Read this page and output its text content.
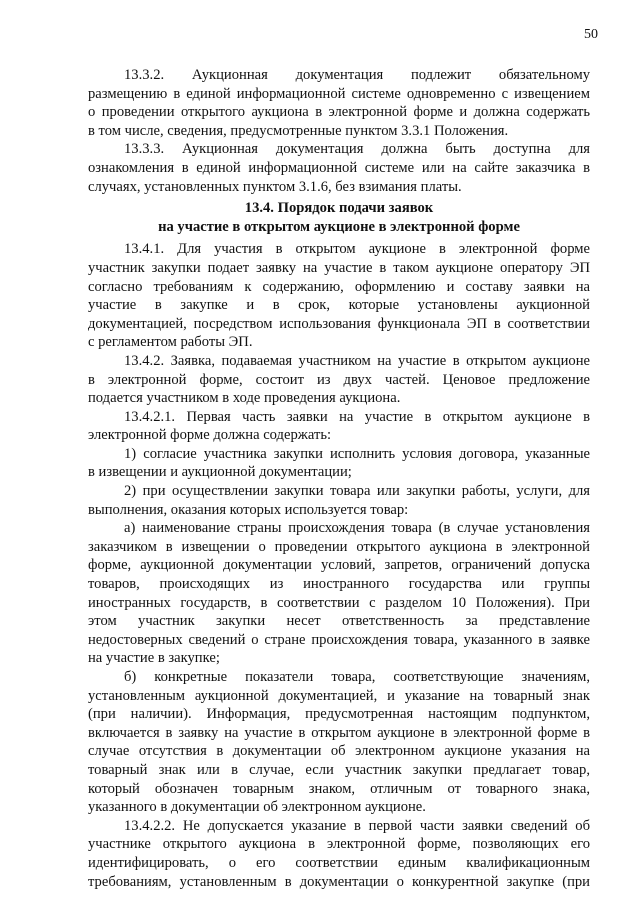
50
13.3.2. Аукционная документация подлежит обязательному
размещению в единой информационной системе одновременно с извещением
о проведении открытого аукциона в электронной форме и должна содержать
в том числе, сведения, предусмотренные пунктом 3.3.1 Положения.
13.3.3. Аукционная документация должна быть доступна для
ознакомления в единой информационной системе или на сайте заказчика в
случаях, установленных пунктом 3.1.6, без взимания платы.
13.4. Порядок подачи заявок
на участие в открытом аукционе в электронной форме
13.4.1. Для участия в открытом аукционе в электронной форме
участник закупки подает заявку на участие в таком аукционе оператору ЭП
согласно требованиям к содержанию, оформлению и составу заявки на
участие в закупке и в срок, которые установлены аукционной
документацией, посредством использования функционала ЭП в соответствии
с регламентом работы ЭП.
13.4.2. Заявка, подаваемая участником на участие в открытом аукционе
в электронной форме, состоит из двух частей. Ценовое предложение
подается участником в ходе проведения аукциона.
13.4.2.1. Первая часть заявки на участие в открытом аукционе в
электронной форме должна содержать:
1) согласие участника закупки исполнить условия договора, указанные
в извещении и аукционной документации;
2) при осуществлении закупки товара или закупки работы, услуги, для
выполнения, оказания которых используется товар:
а) наименование страны происхождения товара (в случае установления
заказчиком в извещении о проведении открытого аукциона в электронной
форме, аукционной документации условий, запретов, ограничений допуска
товаров, происходящих из иностранного государства или группы
иностранных государств, в соответствии с разделом 10 Положения). При
этом участник закупки несет ответственность за представление
недостоверных сведений о стране происхождения товара, указанного в заявке
на участие в закупке;
б) конкретные показатели товара, соответствующие значениям,
установленным аукционной документацией, и указание на товарный знак
(при наличии). Информация, предусмотренная настоящим подпунктом,
включается в заявку на участие в открытом аукционе в электронной форме в
случае отсутствия в документации об электронном аукционе указания на
товарный знак или в случае, если участник закупки предлагает товар,
который обозначен товарным знаком, отличным от товарного знака,
указанного в документации об электронном аукционе.
13.4.2.2. Не допускается указание в первой части заявки сведений об
участнике открытого аукциона в электронной форме, позволяющих его
идентифицировать, о его соответствии единым квалификационным
требованиям, установленным в документации о конкурентной закупке (при
